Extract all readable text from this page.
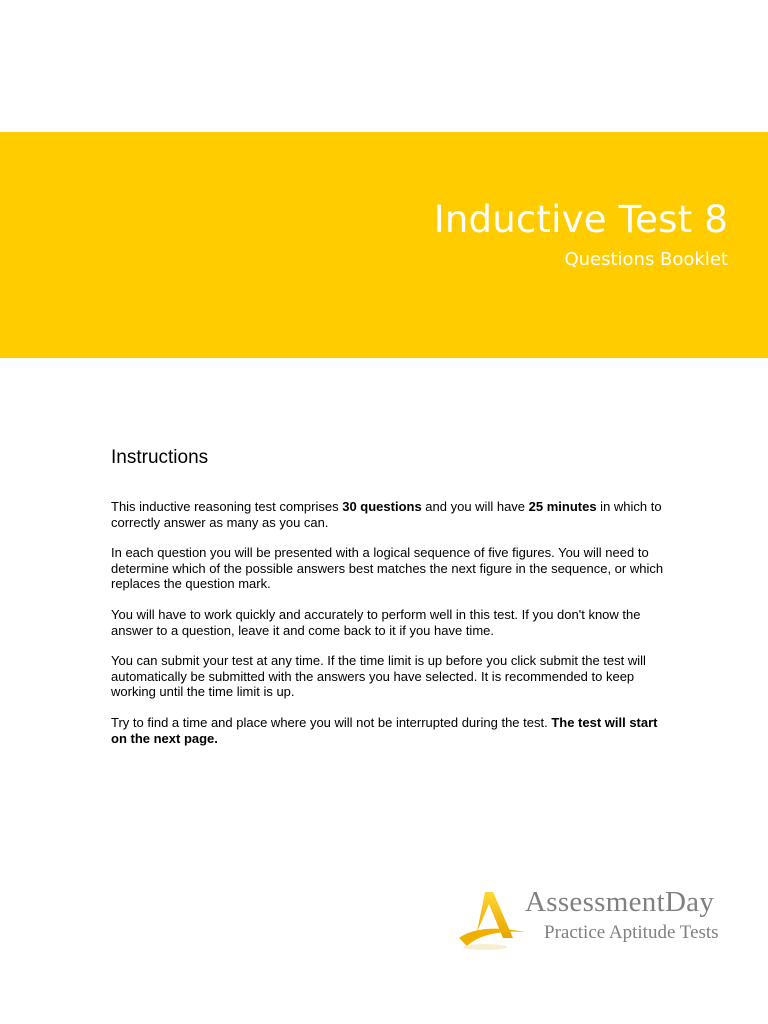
Inductive Test 8
Questions Booklet
Instructions

This inductive reasoning test comprises 30 questions and you will have 25 minutes in which to correctly answer as many as you can.

In each question you will be presented with a logical sequence of five figures. You will need to determine which of the possible answers best matches the next figure in the sequence, or which replaces the question mark.

You will have to work quickly and accurately to perform well in this test. If you don't know the answer to a question, leave it and come back to it if you have time.

You can submit your test at any time. If the time limit is up before you click submit the test will automatically be submitted with the answers you have selected. It is recommended to keep working until the time limit is up.

Try to find a time and place where you will not be interrupted during the test. The test will start on the next page.

AssessmentDay
Practice Aptitude Tests
